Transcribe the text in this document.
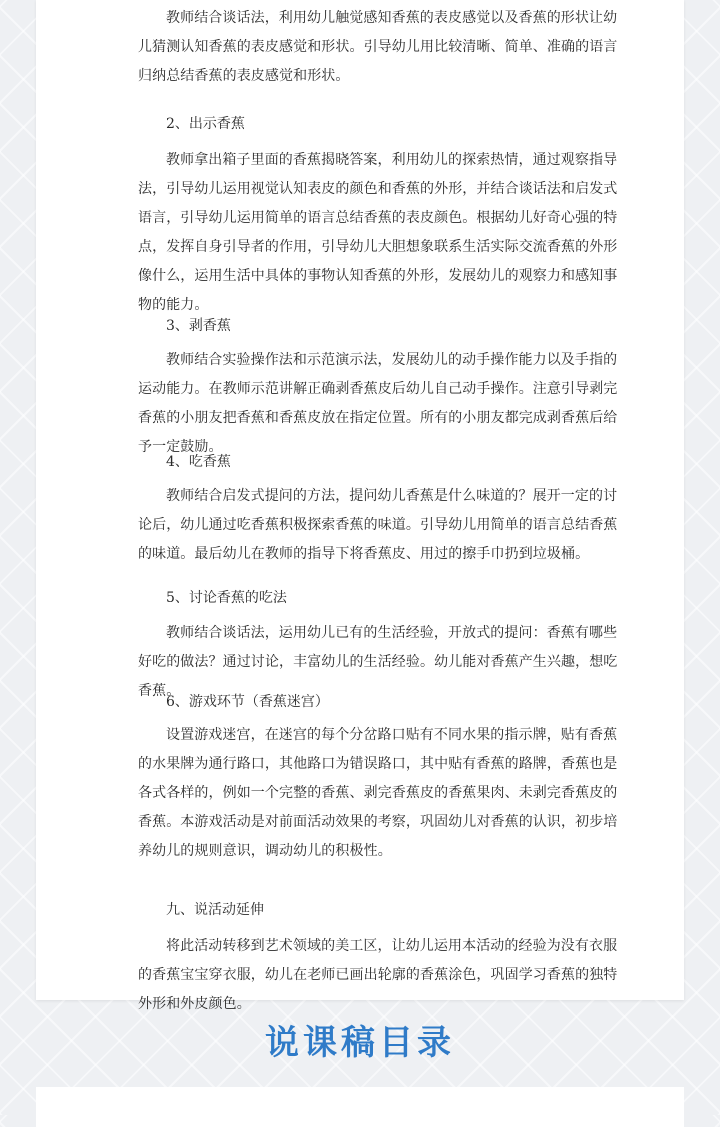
教师结合谈话法，利用幼儿触觉感知香蕉的表皮感觉以及香蕉的形状让幼儿猜测认知香蕉的表皮感觉和形状。引导幼儿用比较清晰、简单、准确的语言归纳总结香蕉的表皮感觉和形状。

2、出示香蕉

教师拿出箱子里面的香蕉揭晓答案，利用幼儿的探索热情，通过观察指导法，引导幼儿运用视觉认知表皮的颜色和香蕉的外形，并结合谈话法和启发式语言，引导幼儿运用简单的语言总结香蕉的表皮颜色。根据幼儿好奇心强的特点，发挥自身引导者的作用，引导幼儿大胆想象联系生活实际交流香蕉的外形像什么，运用生活中具体的事物认知香蕉的外形，发展幼儿的观察力和感知事物的能力。

3、剥香蕉

教师结合实验操作法和示范演示法，发展幼儿的动手操作能力以及手指的运动能力。在教师示范讲解正确剥香蕉皮后幼儿自己动手操作。注意引导剥完香蕉的小朋友把香蕉和香蕉皮放在指定位置。所有的小朋友都完成剥香蕉后给予一定鼓励。

4、吃香蕉

教师结合启发式提问的方法，提问幼儿香蕉是什么味道的？展开一定的讨论后，幼儿通过吃香蕉积极探索香蕉的味道。引导幼儿用简单的语言总结香蕉的味道。最后幼儿在教师的指导下将香蕉皮、用过的擦手巾扔到垃圾桶。

5、讨论香蕉的吃法

教师结合谈话法，运用幼儿已有的生活经验，开放式的提问：香蕉有哪些好吃的做法？通过讨论，丰富幼儿的生活经验。幼儿能对香蕉产生兴趣，想吃香蕉。

6、游戏环节（香蕉迷宫）

设置游戏迷宫，在迷宫的每个分岔路口贴有不同水果的指示牌，贴有香蕉的水果牌为通行路口，其他路口为错误路口，其中贴有香蕉的路牌，香蕉也是各式各样的，例如一个完整的香蕉、剥完香蕉皮的香蕉果肉、未剥完香蕉皮的香蕉。本游戏活动是对前面活动效果的考察，巩固幼儿对香蕉的认识，初步培养幼儿的规则意识，调动幼儿的积极性。

九、说活动延伸

将此活动转移到艺术领域的美工区，让幼儿运用本活动的经验为没有衣服的香蕉宝宝穿衣服，幼儿在老师已画出轮廓的香蕉涂色，巩固学习香蕉的独特外形和外皮颜色。

说课稿目录
